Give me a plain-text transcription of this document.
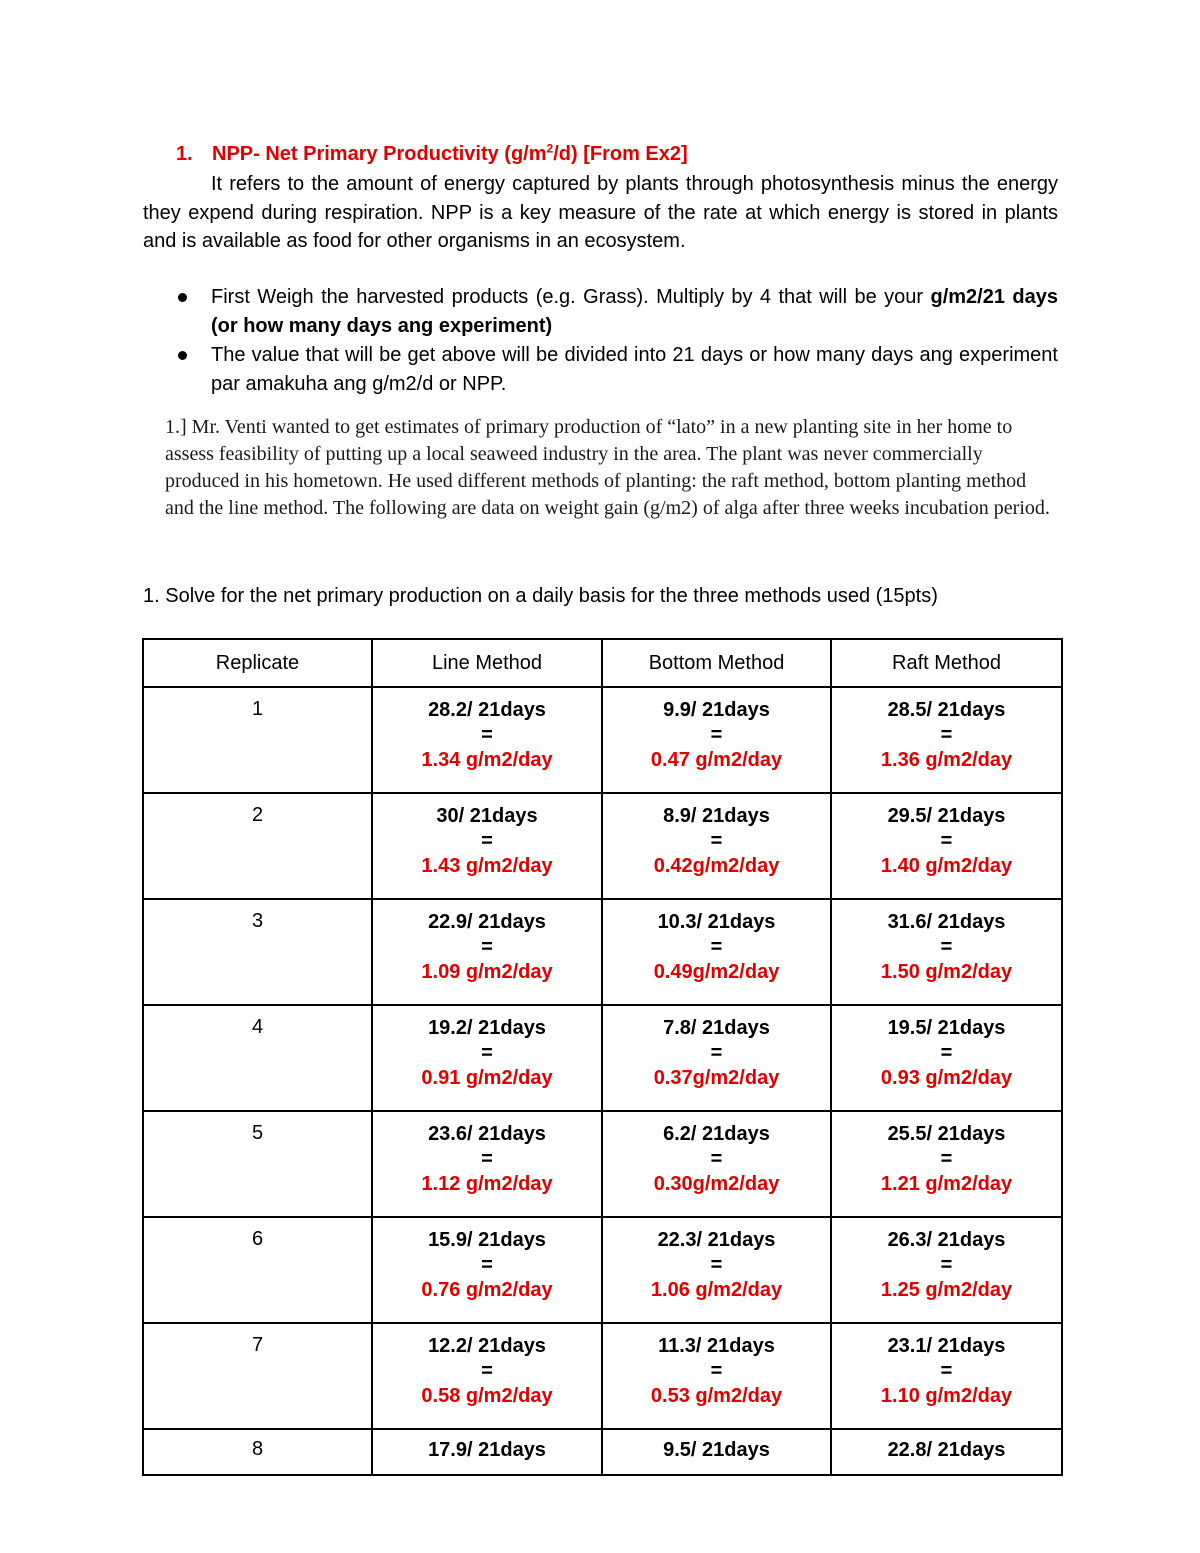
1. NPP- Net Primary Productivity $(g/m^2/d)$ [From Ex2]

It refers to the amount of energy captured by plants through photosynthesis minus the energy they expend during respiration. NPP is a key measure of the rate at which energy is stored in plants and is available as food for other organisms in an ecosystem.

First Weigh the harvested products (e.g. Grass). Multiply by 4 that will be your g/m2/21 days (or how many days ang experiment)
The value that will be get above will be divided into 21 days or how many days ang experiment par amakuha ang g/m2/d or NPP.

1.] Mr. Venti wanted to get estimates of primary production of “lato” in a new planting site in her home to assess feasibility of putting up a local seaweed industry in the area. The plant was never commercially produced in his hometown. He used different methods of planting: the raft method, bottom planting method and the line method. The following are data on weight gain (g/m2) of alga after three weeks incubation period.

1. Solve for the net primary production on a daily basis for the three methods used (15pts)

Replicate	Line Method	Bottom Method	Raft Method
1	28.2/ 21days
=
1.34 g/m2/day	9.9/ 21days
=
0.47 g/m2/day	28.5/ 21days
=
1.36 g/m2/day

2	30/ 21days
=
1.43 g/m2/day	8.9/ 21days
=
0.42g/m2/day	29.5/ 21days
=
1.40 g/m2/day

3	22.9/ 21days
=
1.09 g/m2/day	10.3/ 21days
=
0.49g/m2/day	31.6/ 21days
=
1.50 g/m2/day

4	19.2/ 21days
=
0.91 g/m2/day	7.8/ 21days
=
0.37g/m2/day	19.5/ 21days
=
0.93 g/m2/day

5	23.6/ 21days
=
1.12 g/m2/day	6.2/ 21days
=
0.30g/m2/day	25.5/ 21days
=
1.21 g/m2/day

6	15.9/ 21days
=
0.76 g/m2/day	22.3/ 21days
=
1.06 g/m2/day	26.3/ 21days
=
1.25 g/m2/day

7	12.2/ 21days
=
0.58 g/m2/day	11.3/ 21days
=
0.53 g/m2/day	23.1/ 21days
=
1.10 g/m2/day

8	17.9/ 21days	9.5/ 21days	22.8/ 21days
